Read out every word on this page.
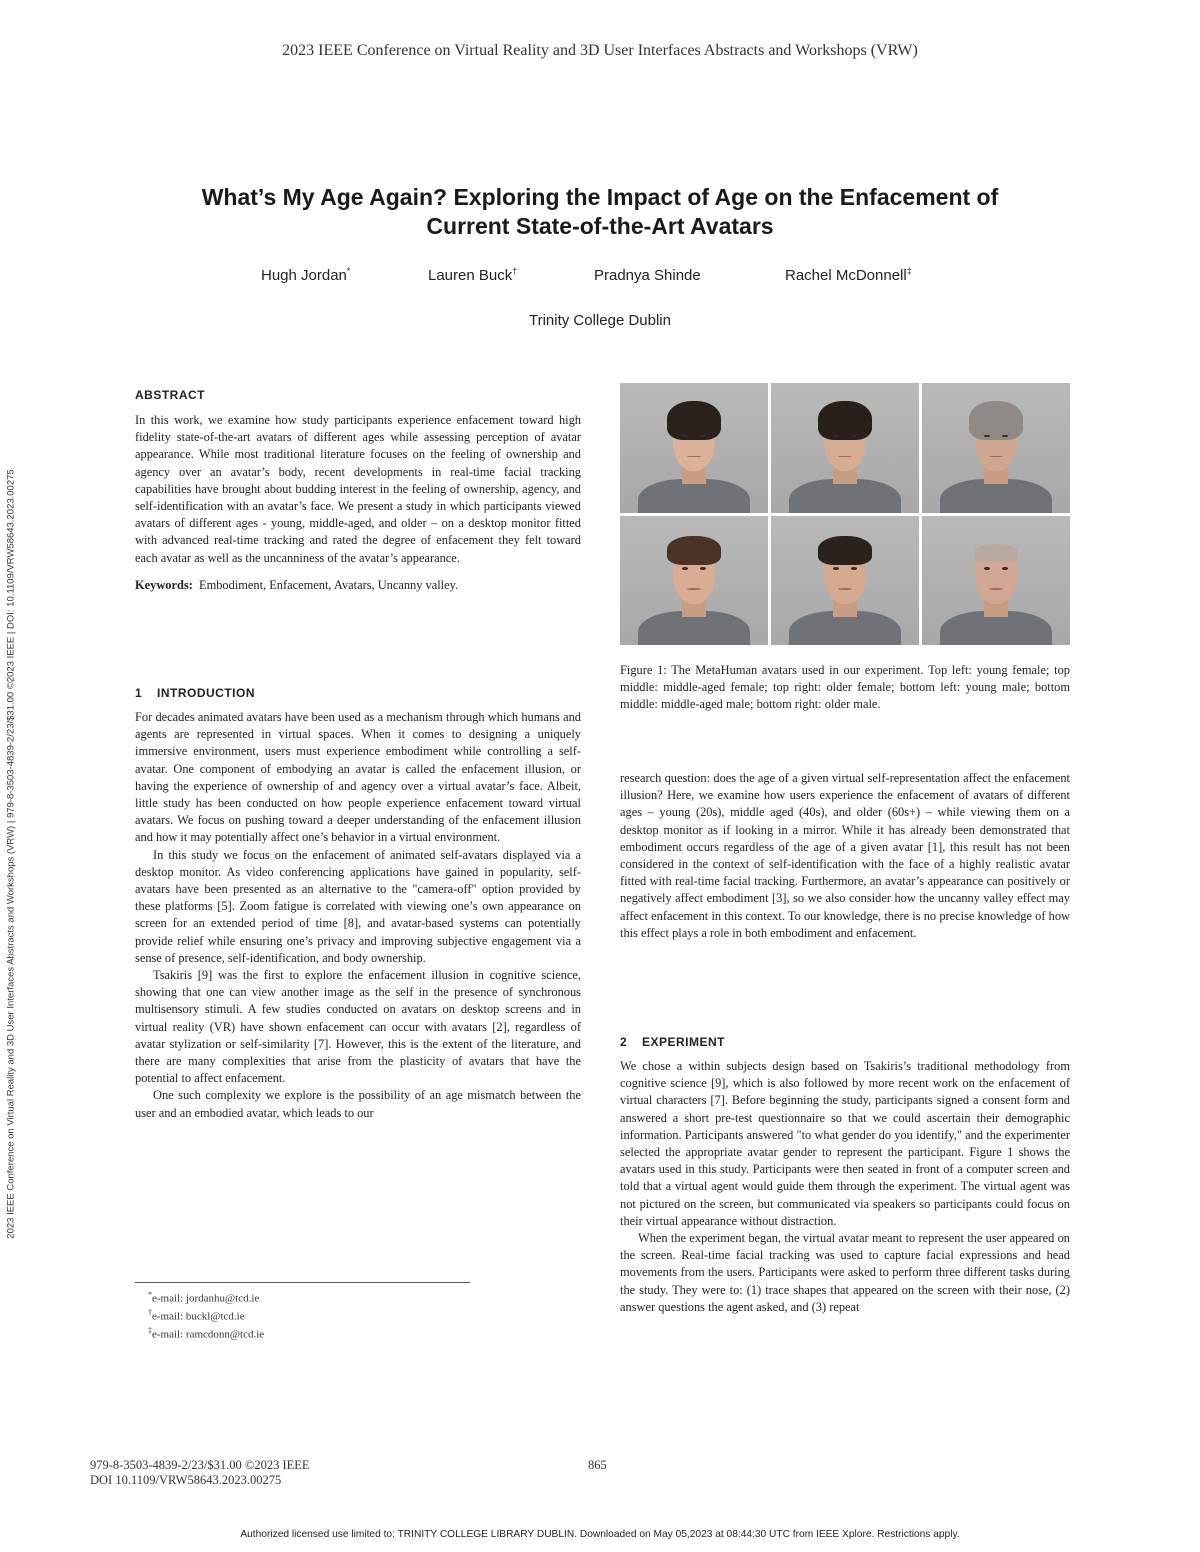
2023 IEEE Conference on Virtual Reality and 3D User Interfaces Abstracts and Workshops (VRW)
2023 IEEE Conference on Virtual Reality and 3D User Interfaces Abstracts and Workshops (VRW) | 979-8-3503-4839-2/23/$31.00 ©2023 IEEE | DOI: 10.1109/VRW58643.2023.00275
What’s My Age Again? Exploring the Impact of Age on the Enfacement of
Current State-of-the-Art Avatars
Hugh Jordan*	Lauren Buck†	Pradnya Shinde	Rachel McDonnell‡
Trinity College Dublin
ABSTRACT
In this work, we examine how study participants experience enfacement toward high fidelity state-of-the-art avatars of different ages while assessing perception of avatar appearance. While most traditional literature focuses on the feeling of ownership and agency over an avatar’s body, recent developments in real-time facial tracking capabilities have brought about budding interest in the feeling of ownership, agency, and self-identification with an avatar’s face. We present a study in which participants viewed avatars of different ages - young, middle-aged, and older – on a desktop monitor fitted with advanced real-time tracking and rated the degree of enfacement they felt toward each avatar as well as the uncanniness of the avatar’s appearance.
Keywords: Embodiment, Enfacement, Avatars, Uncanny valley.
1 INTRODUCTION
For decades animated avatars have been used as a mechanism through which humans and agents are represented in virtual spaces. When it comes to designing a uniquely immersive environment, users must experience embodiment while controlling a self-avatar. One component of embodying an avatar is called the enfacement illusion, or having the experience of ownership of and agency over a virtual avatar’s face. Albeit, little study has been conducted on how people experience enfacement toward virtual avatars. We focus on pushing toward a deeper understanding of the enfacement illusion and how it may potentially affect one’s behavior in a virtual environment.
In this study we focus on the enfacement of animated self-avatars displayed via a desktop monitor. As video conferencing applications have gained in popularity, self-avatars have been presented as an alternative to the "camera-off" option provided by these platforms [5]. Zoom fatigue is correlated with viewing one’s own appearance on screen for an extended period of time [8], and avatar-based systems can potentially provide relief while ensuring one’s privacy and improving subjective engagement via a sense of presence, self-identification, and body ownership.
Tsakiris [9] was the first to explore the enfacement illusion in cognitive science, showing that one can view another image as the self in the presence of synchronous multisensory stimuli. A few studies conducted on avatars on desktop screens and in virtual reality (VR) have shown enfacement can occur with avatars [2], regardless of avatar stylization or self-similarity [7]. However, this is the extent of the literature, and there are many complexities that arise from the plasticity of avatars that have the potential to affect enfacement.
One such complexity we explore is the possibility of an age mismatch between the user and an embodied avatar, which leads to our
*e-mail: jordanhu@tcd.ie
†e-mail: buckl@tcd.ie
‡e-mail: ramcdonn@tcd.ie
Figure 1: The MetaHuman avatars used in our experiment. Top left: young female; top middle: middle-aged female; top right: older female; bottom left: young male; bottom middle: middle-aged male; bottom right: older male.
research question: does the age of a given virtual self-representation affect the enfacement illusion? Here, we examine how users experience the enfacement of avatars of different ages – young (20s), middle aged (40s), and older (60s+) – while viewing them on a desktop monitor as if looking in a mirror. While it has already been demonstrated that embodiment occurs regardless of the age of a given avatar [1], this result has not been considered in the context of self-identification with the face of a highly realistic avatar fitted with real-time facial tracking. Furthermore, an avatar’s appearance can positively or negatively affect embodiment [3], so we also consider how the uncanny valley effect may affect enfacement in this context. To our knowledge, there is no precise knowledge of how this effect plays a role in both embodiment and enfacement.
2 EXPERIMENT
We chose a within subjects design based on Tsakiris’s traditional methodology from cognitive science [9], which is also followed by more recent work on the enfacement of virtual characters [7]. Before beginning the study, participants signed a consent form and answered a short pre-test questionnaire so that we could ascertain their demographic information. Participants answered "to what gender do you identify," and the experimenter selected the appropriate avatar gender to represent the participant. Figure 1 shows the avatars used in this study. Participants were then seated in front of a computer screen and told that a virtual agent would guide them through the experiment. The virtual agent was not pictured on the screen, but communicated via speakers so participants could focus on their virtual appearance without distraction.
When the experiment began, the virtual avatar meant to represent the user appeared on the screen. Real-time facial tracking was used to capture facial expressions and head movements from the users. Participants were asked to perform three different tasks during the study. They were to: (1) trace shapes that appeared on the screen with their nose, (2) answer questions the agent asked, and (3) repeat
979-8-3503-4839-2/23/$31.00 ©2023 IEEE
DOI 10.1109/VRW58643.2023.00275
865
Authorized licensed use limited to: TRINITY COLLEGE LIBRARY DUBLIN. Downloaded on May 05,2023 at 08:44:30 UTC from IEEE Xplore. Restrictions apply.
